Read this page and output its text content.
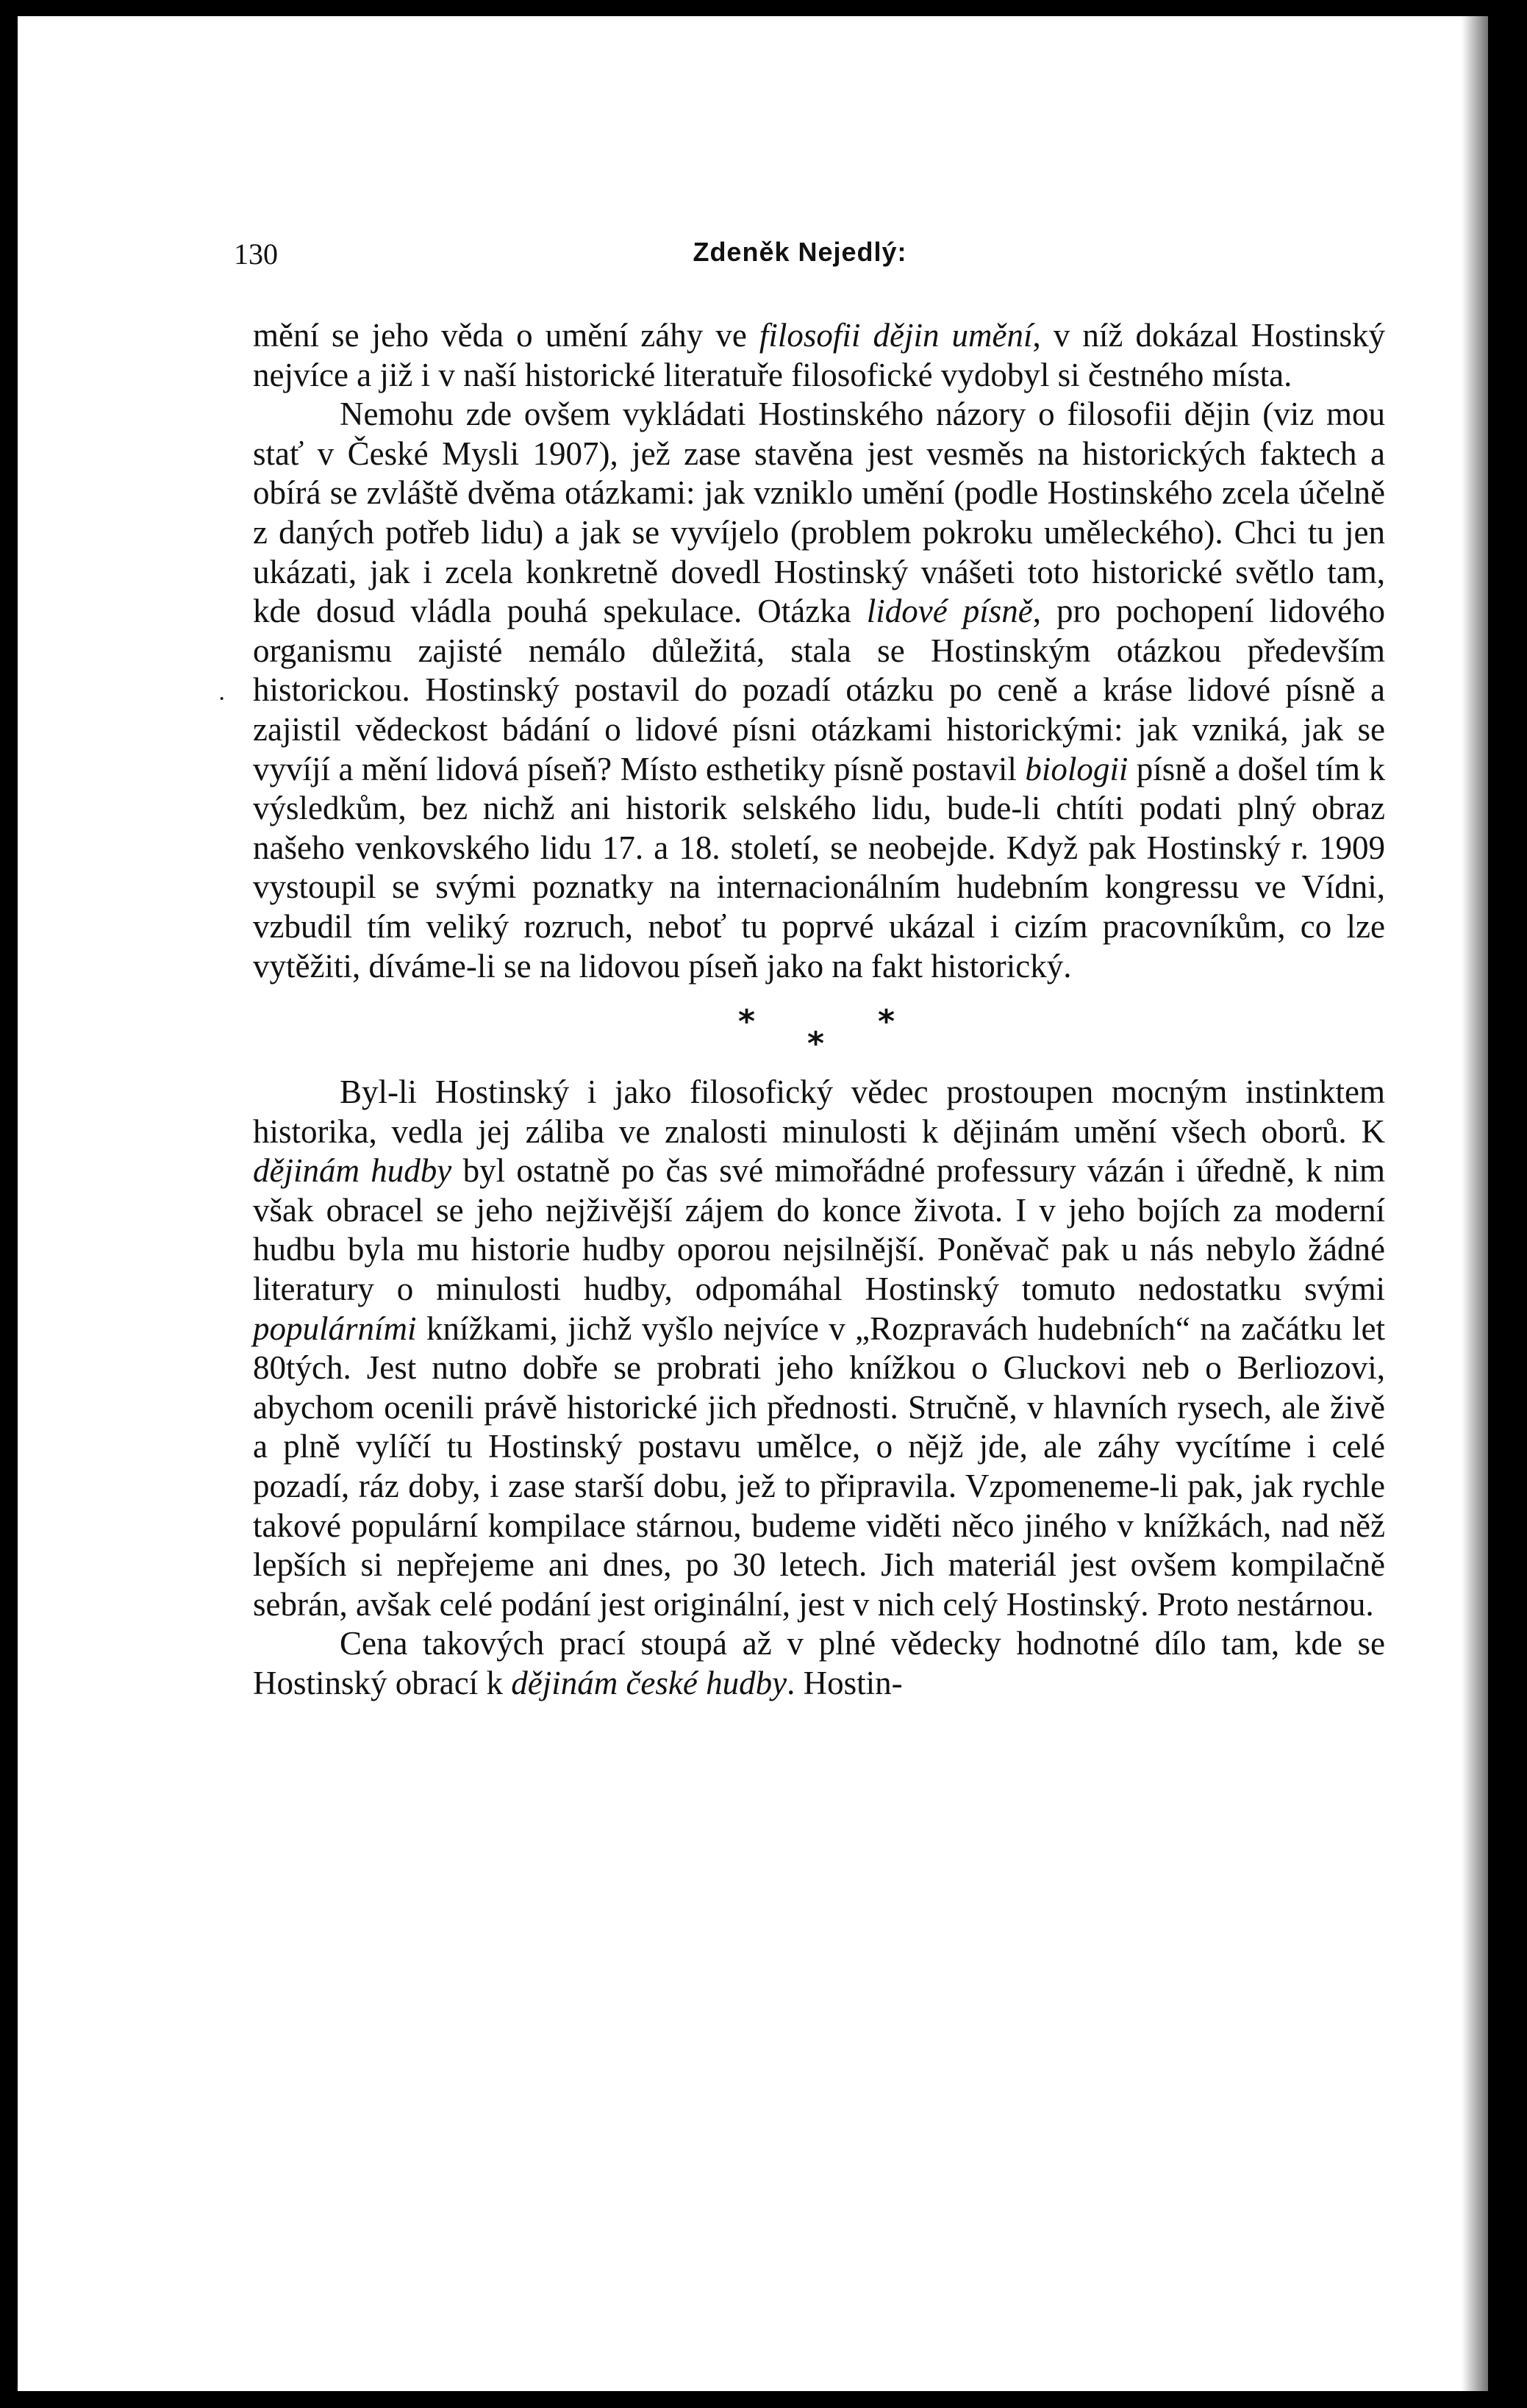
130	Zdeněk Nejedlý:
·

mění se jeho věda o umění záhy ve filosofii dějin umění, v níž dokázal Hostinský nejvíce a již i v naší historické literatuře filosofické vydobyl si čestného místa.

Nemohu zde ovšem vykládati Hostinského názory o filosofii dějin (viz mou stať v České Mysli 1907), jež zase stavěna jest vesměs na historických faktech a obírá se zvláště dvěma otázkami: jak vzniklo umění (podle Hostinského zcela účelně z daných potřeb lidu) a jak se vyvíjelo (problem pokroku uměleckého). Chci tu jen ukázati, jak i zcela konkretně dovedl Hostinský vnášeti toto historické světlo tam, kde dosud vládla pouhá spekulace. Otázka lidové písně, pro pochopení lidového organismu zajisté nemálo důležitá, stala se Hostinským otázkou především historickou. Hostinský postavil do pozadí otázku po ceně a kráse lidové písně a zajistil vědeckost bádání o lidové písni otázkami historickými: jak vzniká, jak se vyvíjí a mění lidová píseň? Místo esthetiky písně postavil biologii písně a došel tím k výsledkům, bez nichž ani historik selského lidu, bude-li chtíti podati plný obraz našeho venkovského lidu 17. a 18. století, se neobejde. Když pak Hostinský r. 1909 vystoupil se svými poznatky na internacionálním hudebním kongressu ve Vídni, vzbudil tím veliký rozruch, neboť tu poprvé ukázal i cizím pracovníkům, co lze vytěžiti, díváme-li se na lidovou píseň jako na fakt historický.

*
*
*

Byl-li Hostinský i jako filosofický vědec prostoupen mocným instinktem historika, vedla jej záliba ve znalosti minulosti k dějinám umění všech oborů. K dějinám hudby byl ostatně po čas své mimořádné professury vázán i úředně, k nim však obracel se jeho nejživější zájem do konce života. I v jeho bojích za moderní hudbu byla mu historie hudby oporou nejsilnější. Poněvač pak u nás nebylo žádné literatury o minulosti hudby, odpomáhal Hostinský tomuto nedostatku svými populárními knížkami, jichž vyšlo nejvíce v „Rozpravách hudebních“ na začátku let 80tých. Jest nutno dobře se probrati jeho knížkou o Gluckovi neb o Berliozovi, abychom ocenili právě historické jich přednosti. Stručně, v hlavních rysech, ale živě a plně vylíčí tu Hostinský postavu umělce, o nějž jde, ale záhy vycítíme i celé pozadí, ráz doby, i zase starší dobu, jež to připravila. Vzpomeneme-li pak, jak rychle takové populární kompilace stárnou, budeme viděti něco jiného v knížkách, nad něž lepších si nepřejeme ani dnes, po 30 letech. Jich materiál jest ovšem kompilačně sebrán, avšak celé podání jest originální, jest v nich celý Hostinský. Proto nestárnou.

Cena takových prací stoupá až v plné vědecky hodnotné dílo tam, kde se Hostinský obrací k dějinám české hudby. Hostin-
